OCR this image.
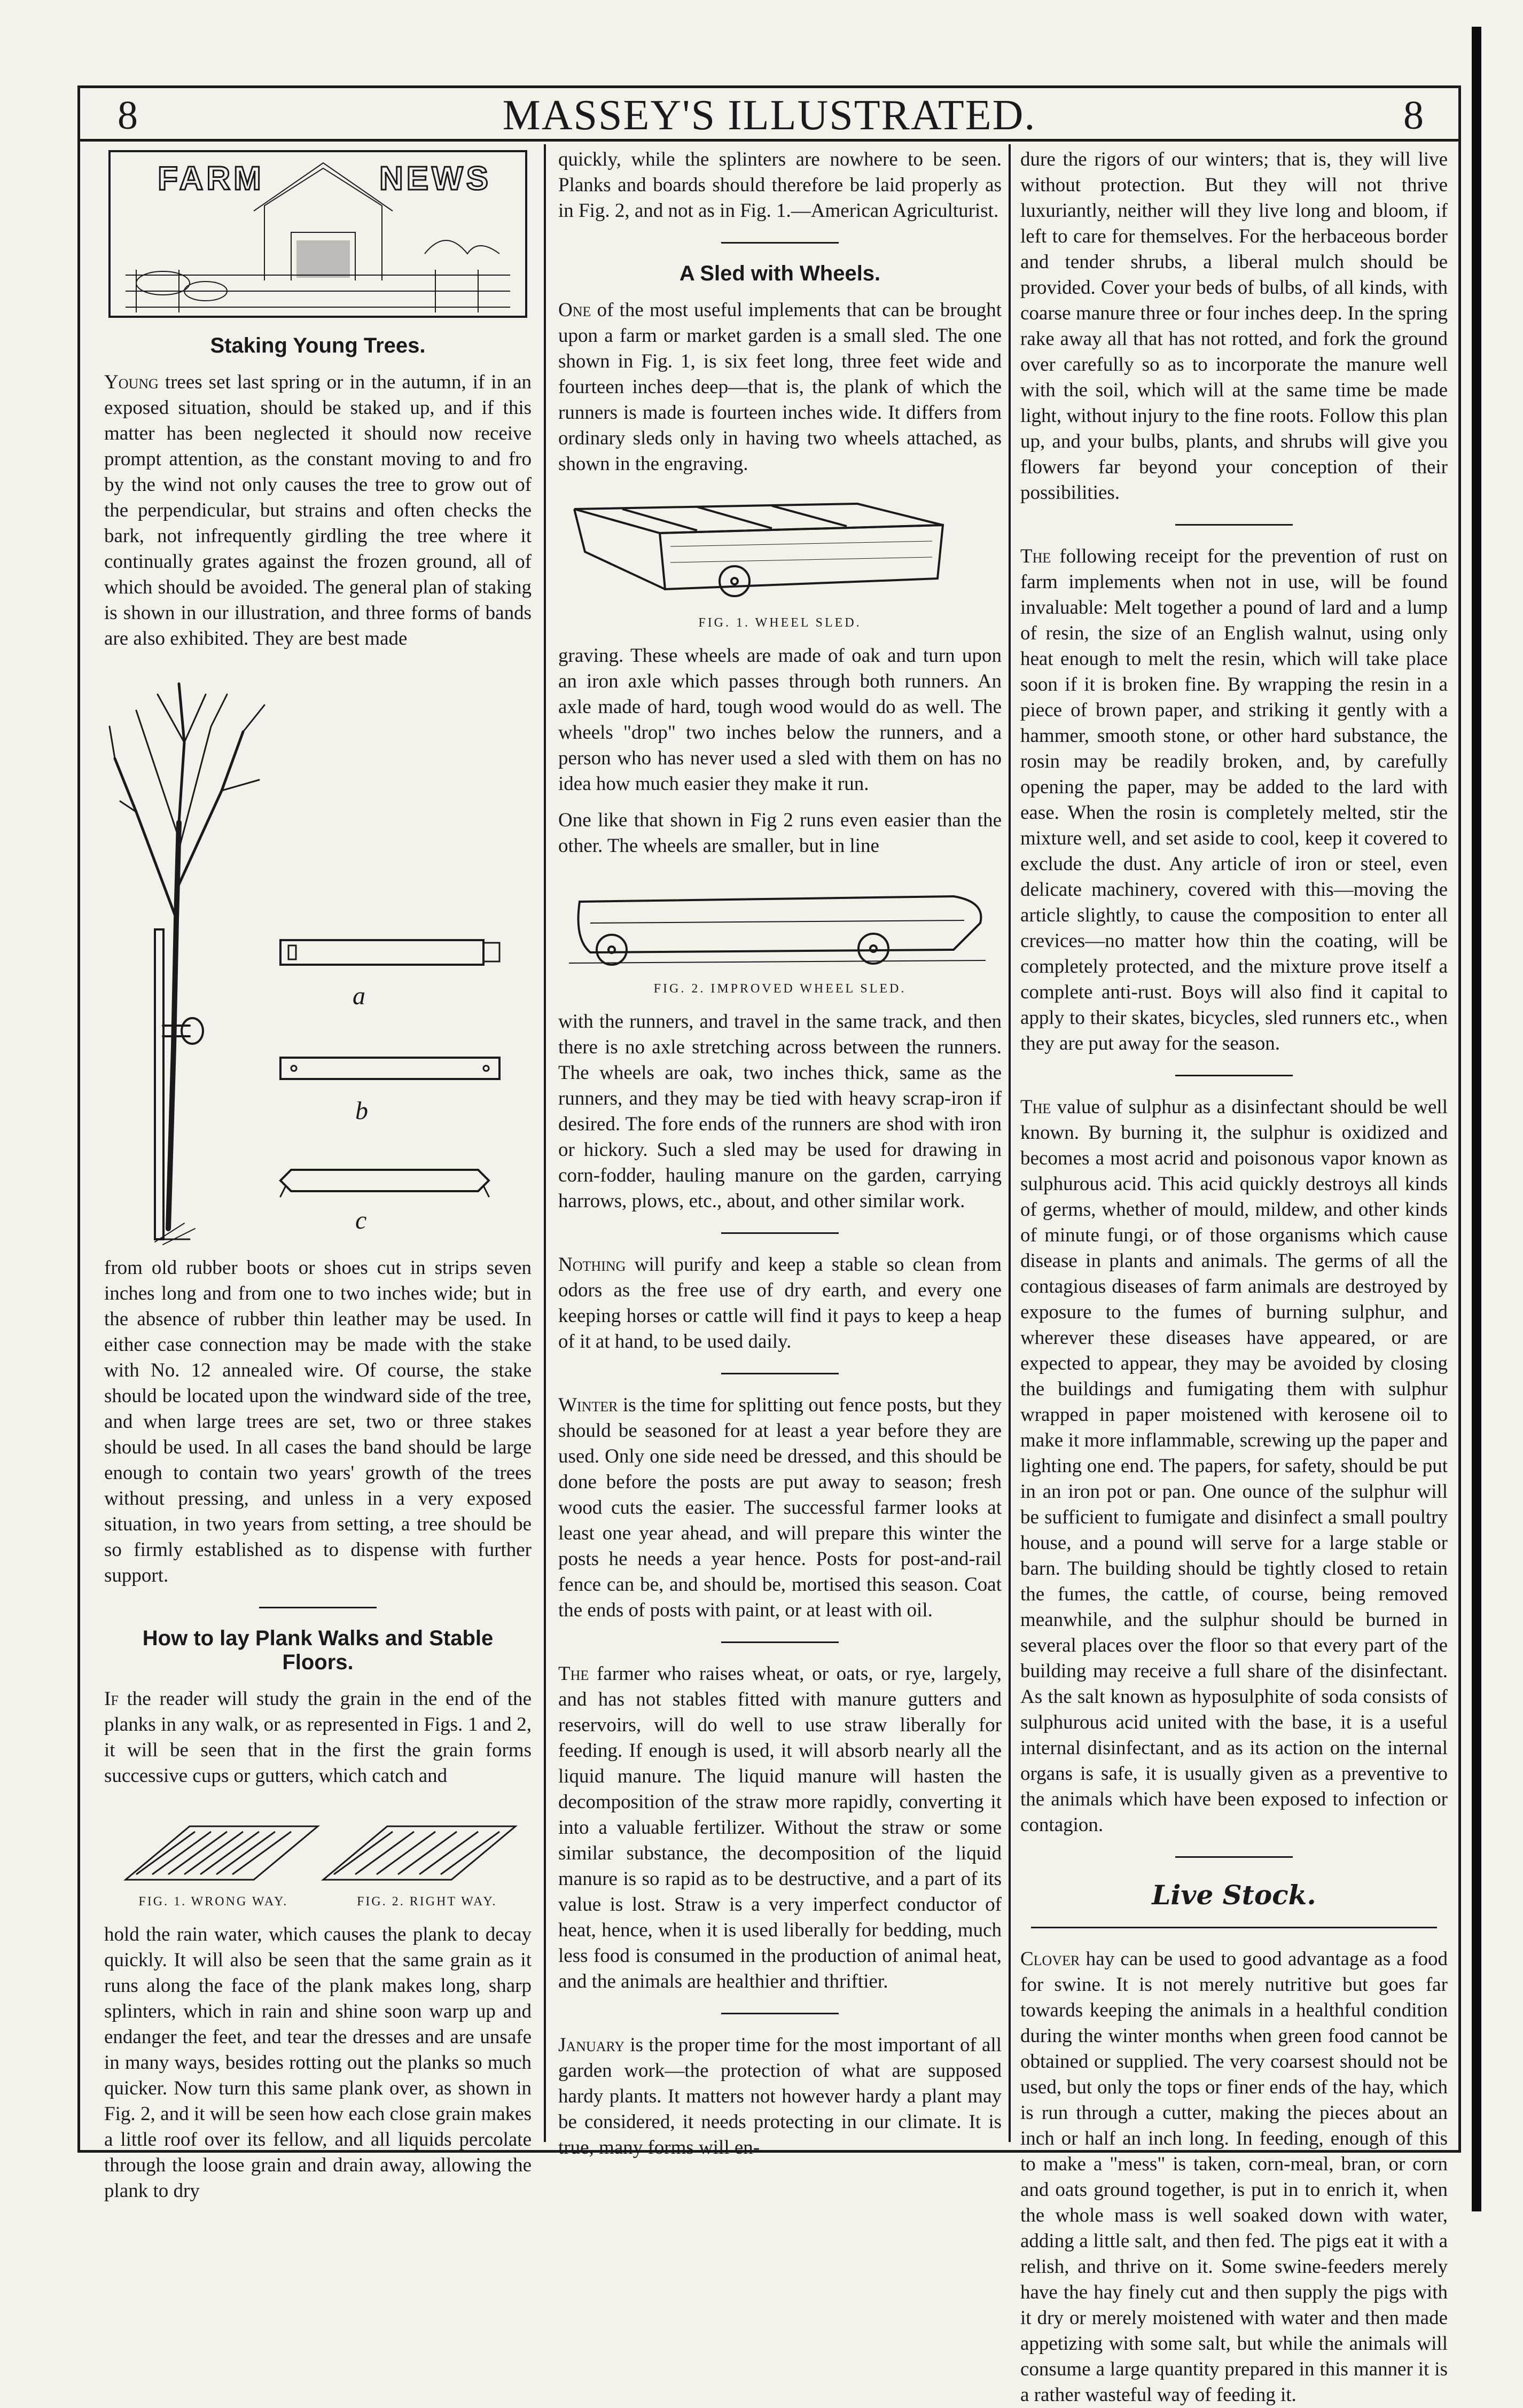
8	MASSEY'S ILLUSTRATED.	8
FARM	NEWS
Staking Young Trees.

Young trees set last spring or in the autumn, if in an exposed situation, should be staked up, and if this matter has been neglected it should now receive prompt attention, as the constant moving to and fro by the wind not only causes the tree to grow out of the perpendicular, but strains and often checks the bark, not infrequently girdling the tree where it continually grates against the frozen ground, all of which should be avoided. The general plan of staking is shown in our illustration, and three forms of bands are also exhibited. They are best made

a
b
c

from old rubber boots or shoes cut in strips seven inches long and from one to two inches wide; but in the absence of rubber thin leather may be used. In either case connection may be made with the stake with No. 12 annealed wire. Of course, the stake should be located upon the windward side of the tree, and when large trees are set, two or three stakes should be used. In all cases the band should be large enough to contain two years' growth of the trees without pressing, and unless in a very exposed situation, in two years from setting, a tree should be so firmly established as to dispense with further support.

How to lay Plank Walks and Stable Floors.

If the reader will study the grain in the end of the planks in any walk, or as represented in Figs. 1 and 2, it will be seen that in the first the grain forms successive cups or gutters, which catch and

FIG. 1. WRONG WAY.	FIG. 2. RIGHT WAY.

hold the rain water, which causes the plank to decay quickly. It will also be seen that the same grain as it runs along the face of the plank makes long, sharp splinters, which in rain and shine soon warp up and endanger the feet, and tear the dresses and are unsafe in many ways, besides rotting out the planks so much quicker. Now turn this same plank over, as shown in Fig. 2, and it will be seen how each close grain makes a little roof over its fellow, and all liquids percolate through the loose grain and drain away, allowing the plank to dry

quickly, while the splinters are nowhere to be seen. Planks and boards should therefore be laid properly as in Fig. 2, and not as in Fig. 1.—American Agriculturist.

A Sled with Wheels.

One of the most useful implements that can be brought upon a farm or market garden is a small sled. The one shown in Fig. 1, is six feet long, three feet wide and fourteen inches deep—that is, the plank of which the runners is made is fourteen inches wide. It differs from ordinary sleds only in having two wheels attached, as shown in the engraving.

FIG. 1. WHEEL SLED.

graving. These wheels are made of oak and turn upon an iron axle which passes through both runners. An axle made of hard, tough wood would do as well. The wheels "drop" two inches below the runners, and a person who has never used a sled with them on has no idea how much easier they make it run.

One like that shown in Fig 2 runs even easier than the other. The wheels are smaller, but in line

FIG. 2. IMPROVED WHEEL SLED.

with the runners, and travel in the same track, and then there is no axle stretching across between the runners. The wheels are oak, two inches thick, same as the runners, and they may be tied with heavy scrap-iron if desired. The fore ends of the runners are shod with iron or hickory. Such a sled may be used for drawing in corn-fodder, hauling manure on the garden, carrying harrows, plows, etc., about, and other similar work.

Nothing will purify and keep a stable so clean from odors as the free use of dry earth, and every one keeping horses or cattle will find it pays to keep a heap of it at hand, to be used daily.

Winter is the time for splitting out fence posts, but they should be seasoned for at least a year before they are used. Only one side need be dressed, and this should be done before the posts are put away to season; fresh wood cuts the easier. The successful farmer looks at least one year ahead, and will prepare this winter the posts he needs a year hence. Posts for post-and-rail fence can be, and should be, mortised this season. Coat the ends of posts with paint, or at least with oil.

The farmer who raises wheat, or oats, or rye, largely, and has not stables fitted with manure gutters and reservoirs, will do well to use straw liberally for feeding. If enough is used, it will absorb nearly all the liquid manure. The liquid manure will hasten the decomposition of the straw more rapidly, converting it into a valuable fertilizer. Without the straw or some similar substance, the decomposition of the liquid manure is so rapid as to be destructive, and a part of its value is lost. Straw is a very imperfect conductor of heat, hence, when it is used liberally for bedding, much less food is consumed in the production of animal heat, and the animals are healthier and thriftier.

January is the proper time for the most important of all garden work—the protection of what are supposed hardy plants. It matters not however hardy a plant may be considered, it needs protecting in our climate. It is true, many forms will en-

dure the rigors of our winters; that is, they will live without protection. But they will not thrive luxuriantly, neither will they live long and bloom, if left to care for themselves. For the herbaceous border and tender shrubs, a liberal mulch should be provided. Cover your beds of bulbs, of all kinds, with coarse manure three or four inches deep. In the spring rake away all that has not rotted, and fork the ground over carefully so as to incorporate the manure well with the soil, which will at the same time be made light, without injury to the fine roots. Follow this plan up, and your bulbs, plants, and shrubs will give you flowers far beyond your conception of their possibilities.

The following receipt for the prevention of rust on farm implements when not in use, will be found invaluable: Melt together a pound of lard and a lump of resin, the size of an English walnut, using only heat enough to melt the resin, which will take place soon if it is broken fine. By wrapping the resin in a piece of brown paper, and striking it gently with a hammer, smooth stone, or other hard substance, the rosin may be readily broken, and, by carefully opening the paper, may be added to the lard with ease. When the rosin is completely melted, stir the mixture well, and set aside to cool, keep it covered to exclude the dust. Any article of iron or steel, even delicate machinery, covered with this—moving the article slightly, to cause the composition to enter all crevices—no matter how thin the coating, will be completely protected, and the mixture prove itself a complete anti-rust. Boys will also find it capital to apply to their skates, bicycles, sled runners etc., when they are put away for the season.

The value of sulphur as a disinfectant should be well known. By burning it, the sulphur is oxidized and becomes a most acrid and poisonous vapor known as sulphurous acid. This acid quickly destroys all kinds of germs, whether of mould, mildew, and other kinds of minute fungi, or of those organisms which cause disease in plants and animals. The germs of all the contagious diseases of farm animals are destroyed by exposure to the fumes of burning sulphur, and wherever these diseases have appeared, or are expected to appear, they may be avoided by closing the buildings and fumigating them with sulphur wrapped in paper moistened with kerosene oil to make it more inflammable, screwing up the paper and lighting one end. The papers, for safety, should be put in an iron pot or pan. One ounce of the sulphur will be sufficient to fumigate and disinfect a small poultry house, and a pound will serve for a large stable or barn. The building should be tightly closed to retain the fumes, the cattle, of course, being removed meanwhile, and the sulphur should be burned in several places over the floor so that every part of the building may receive a full share of the disinfectant. As the salt known as hyposulphite of soda consists of sulphurous acid united with the base, it is a useful internal disinfectant, and as its action on the internal organs is safe, it is usually given as a preventive to the animals which have been exposed to infection or contagion.

Live Stock.

Clover hay can be used to good advantage as a food for swine. It is not merely nutritive but goes far towards keeping the animals in a healthful condition during the winter months when green food cannot be obtained or supplied. The very coarsest should not be used, but only the tops or finer ends of the hay, which is run through a cutter, making the pieces about an inch or half an inch long. In feeding, enough of this to make a "mess" is taken, corn-meal, bran, or corn and oats ground together, is put in to enrich it, when the whole mass is well soaked down with water, adding a little salt, and then fed. The pigs eat it with a relish, and thrive on it. Some swine-feeders merely have the hay finely cut and then supply the pigs with it dry or merely moistened with water and then made appetizing with some salt, but while the animals will consume a large quantity prepared in this manner it is a rather wasteful way of feeding it.
